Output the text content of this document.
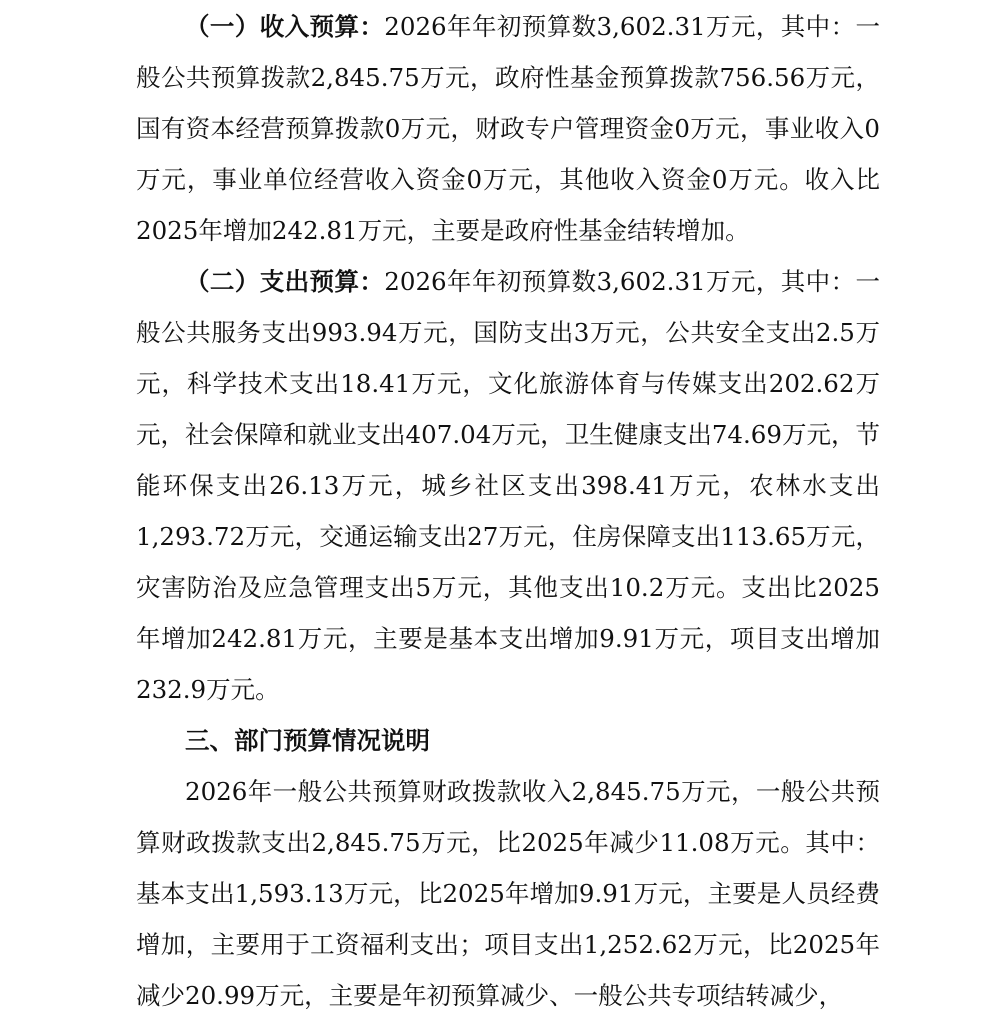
（一）收入预算：2026年年初预算数3,602.31万元，其中：一般公共预算拨款2,845.75万元，政府性基金预算拨款756.56万元，国有资本经营预算拨款0万元，财政专户管理资金0万元，事业收入0万元，事业单位经营收入资金0万元，其他收入资金0万元。收入比2025年增加242.81万元，主要是政府性基金结转增加。

（二）支出预算：2026年年初预算数3,602.31万元，其中：一般公共服务支出993.94万元，国防支出3万元，公共安全支出2.5万元，科学技术支出18.41万元，文化旅游体育与传媒支出202.62万元，社会保障和就业支出407.04万元，卫生健康支出74.69万元，节能环保支出26.13万元，城乡社区支出398.41万元，农林水支出1,293.72万元，交通运输支出27万元，住房保障支出113.65万元，灾害防治及应急管理支出5万元，其他支出10.2万元。支出比2025年增加242.81万元，主要是基本支出增加9.91万元，项目支出增加232.9万元。

三、部门预算情况说明

2026年一般公共预算财政拨款收入2,845.75万元，一般公共预算财政拨款支出2,845.75万元，比2025年减少11.08万元。其中：基本支出1,593.13万元，比2025年增加9.91万元，主要是人员经费增加，主要用于工资福利支出；项目支出1,252.62万元，比2025年减少20.99万元，主要是年初预算减少、一般公共专项结转减少，
